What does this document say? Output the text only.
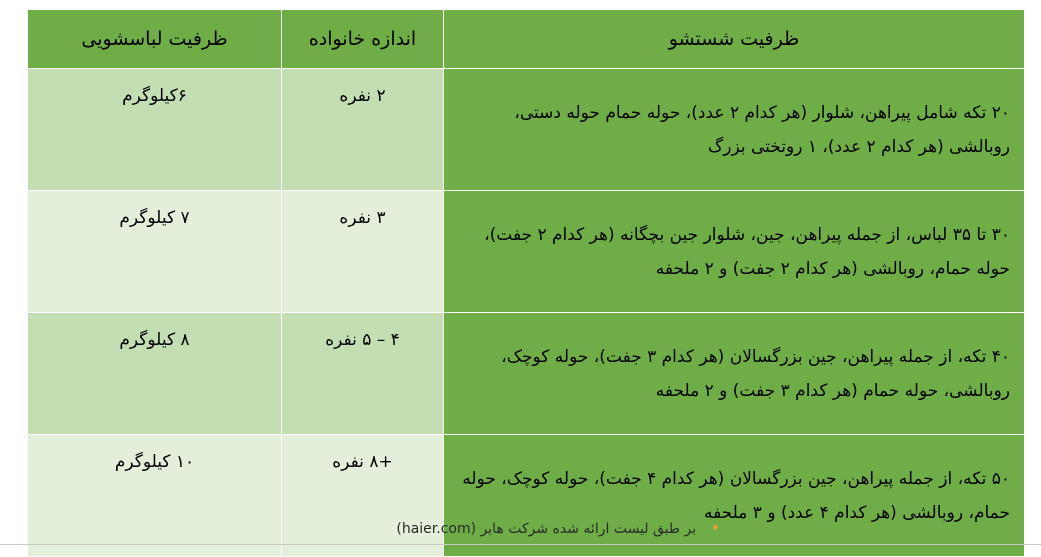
ظرفیت شستشو	اندازه خانواده	ظرفیت لباسشویی
۲۰ تکه شامل پیراهن، شلوار (هر کدام ۲ عدد)، حوله حمام حوله دستی، روبالشی (هر کدام ۲ عدد)، ۱ روتختی بزرگ	۲ نفره	۶کیلوگرم
۳۰ تا ۳۵ لباس، از جمله پیراهن، جین، شلوار جین بچگانه (هر کدام ۲ جفت)، حوله حمام، روبالشی (هر کدام ۲ جفت) و ۲ ملحفه	۳ نفره	۷ کیلوگرم
۴۰ تکه، از جمله پیراهن، جین بزرگسالان (هر کدام ۳ جفت)، حوله کوچک، روبالشی، حوله حمام (هر کدام ۳ جفت) و ۲ ملحفه	۴ – ۵ نفره	۸ کیلوگرم
۵۰ تکه، از جمله پیراهن، جین بزرگسالان (هر کدام ۴ جفت)، حوله کوچک، حوله حمام، روبالشی (هر کدام ۴ عدد) و ۳ ملحفه	+۸ نفره	۱۰ کیلوگرم
• بر طبق لیست ارائه شده شرکت هایر (haier.com)
